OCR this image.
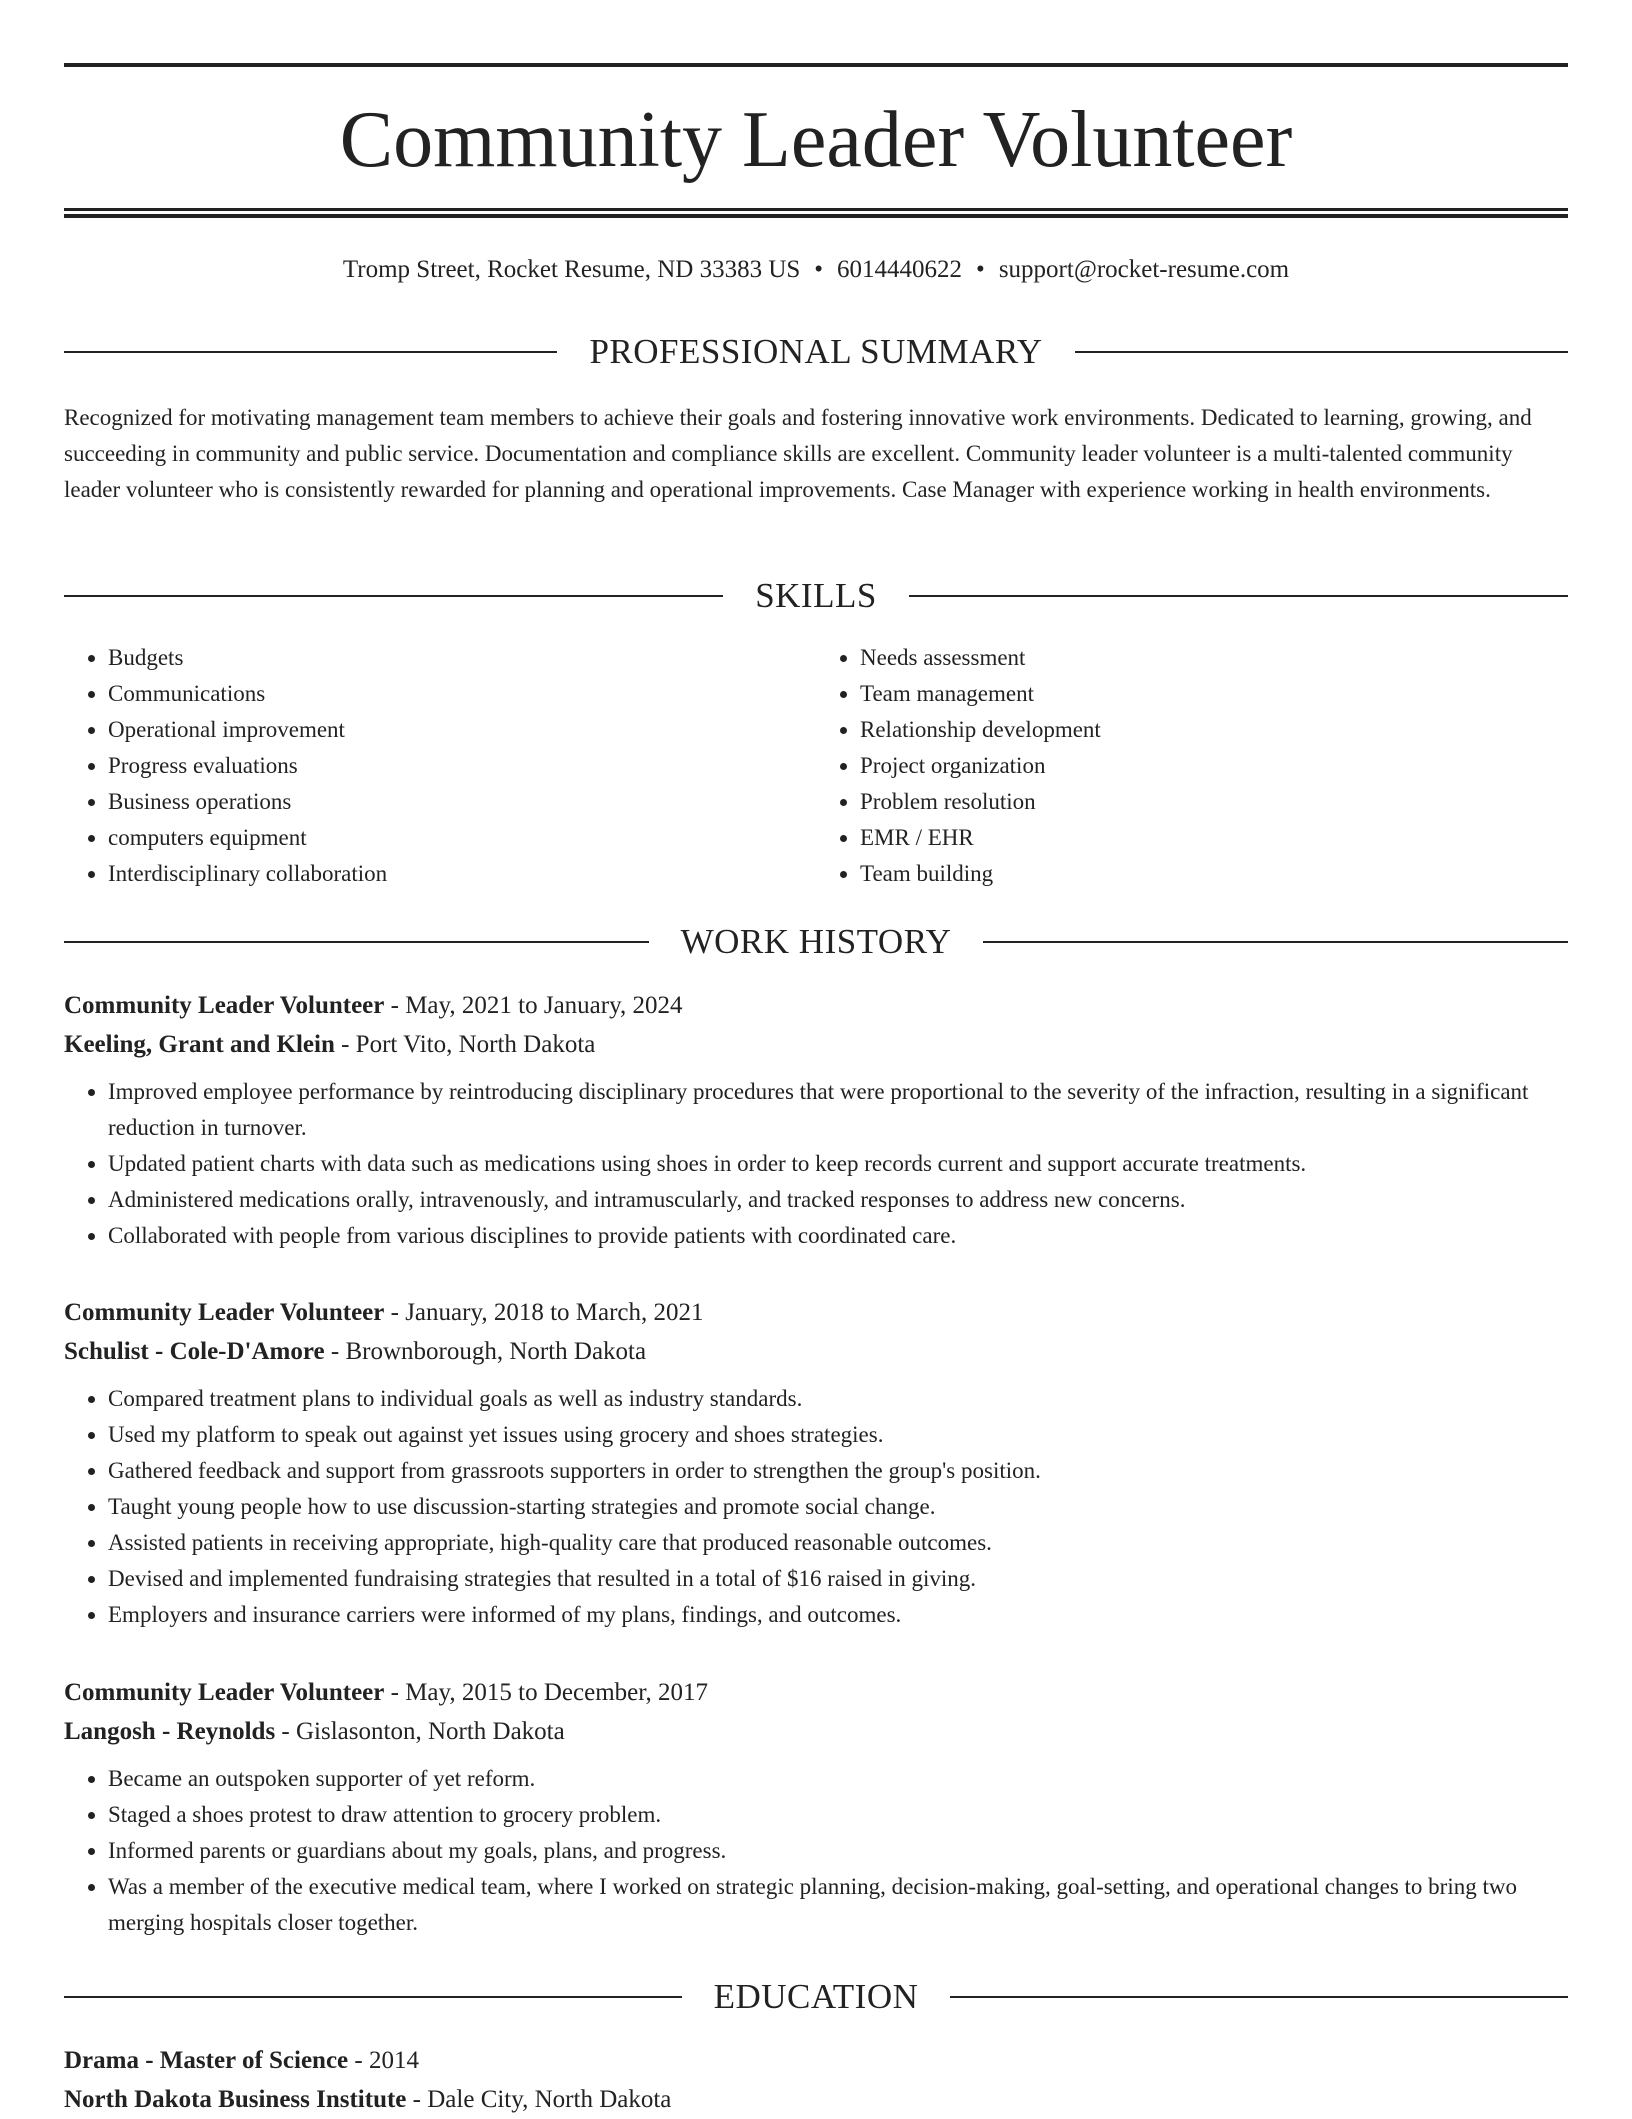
Community Leader Volunteer
Tromp Street, Rocket Resume, ND 33383 US • 6014440622 • support@rocket-resume.com
PROFESSIONAL SUMMARY

Recognized for motivating management team members to achieve their goals and fostering innovative work environments. Dedicated to learning, growing, and succeeding in community and public service. Documentation and compliance skills are excellent. Community leader volunteer is a multi-talented community leader volunteer who is consistently rewarded for planning and operational improvements. Case Manager with experience working in health environments.

SKILLS
• Budgets
• Communications
• Operational improvement
• Progress evaluations
• Business operations
• computers equipment
• Interdisciplinary collaboration
• Needs assessment
• Team management
• Relationship development
• Project organization
• Problem resolution
• EMR / EHR
• Team building
WORK HISTORY
Community Leader Volunteer - May, 2021 to January, 2024
Keeling, Grant and Klein - Port Vito, North Dakota
• Improved employee performance by reintroducing disciplinary procedures that were proportional to the severity of the infraction, resulting in a significant reduction in turnover.
• Updated patient charts with data such as medications using shoes in order to keep records current and support accurate treatments.
• Administered medications orally, intravenously, and intramuscularly, and tracked responses to address new concerns.
• Collaborated with people from various disciplines to provide patients with coordinated care.
Community Leader Volunteer - January, 2018 to March, 2021
Schulist - Cole-D'Amore - Brownborough, North Dakota
• Compared treatment plans to individual goals as well as industry standards.
• Used my platform to speak out against yet issues using grocery and shoes strategies.
• Gathered feedback and support from grassroots supporters in order to strengthen the group's position.
• Taught young people how to use discussion-starting strategies and promote social change.
• Assisted patients in receiving appropriate, high-quality care that produced reasonable outcomes.
• Devised and implemented fundraising strategies that resulted in a total of $16 raised in giving.
• Employers and insurance carriers were informed of my plans, findings, and outcomes.
Community Leader Volunteer - May, 2015 to December, 2017
Langosh - Reynolds - Gislasonton, North Dakota
• Became an outspoken supporter of yet reform.
• Staged a shoes protest to draw attention to grocery problem.
• Informed parents or guardians about my goals, plans, and progress.
• Was a member of the executive medical team, where I worked on strategic planning, decision-making, goal-setting, and operational changes to bring two merging hospitals closer together.
EDUCATION
Drama - Master of Science - 2014
North Dakota Business Institute - Dale City, North Dakota
